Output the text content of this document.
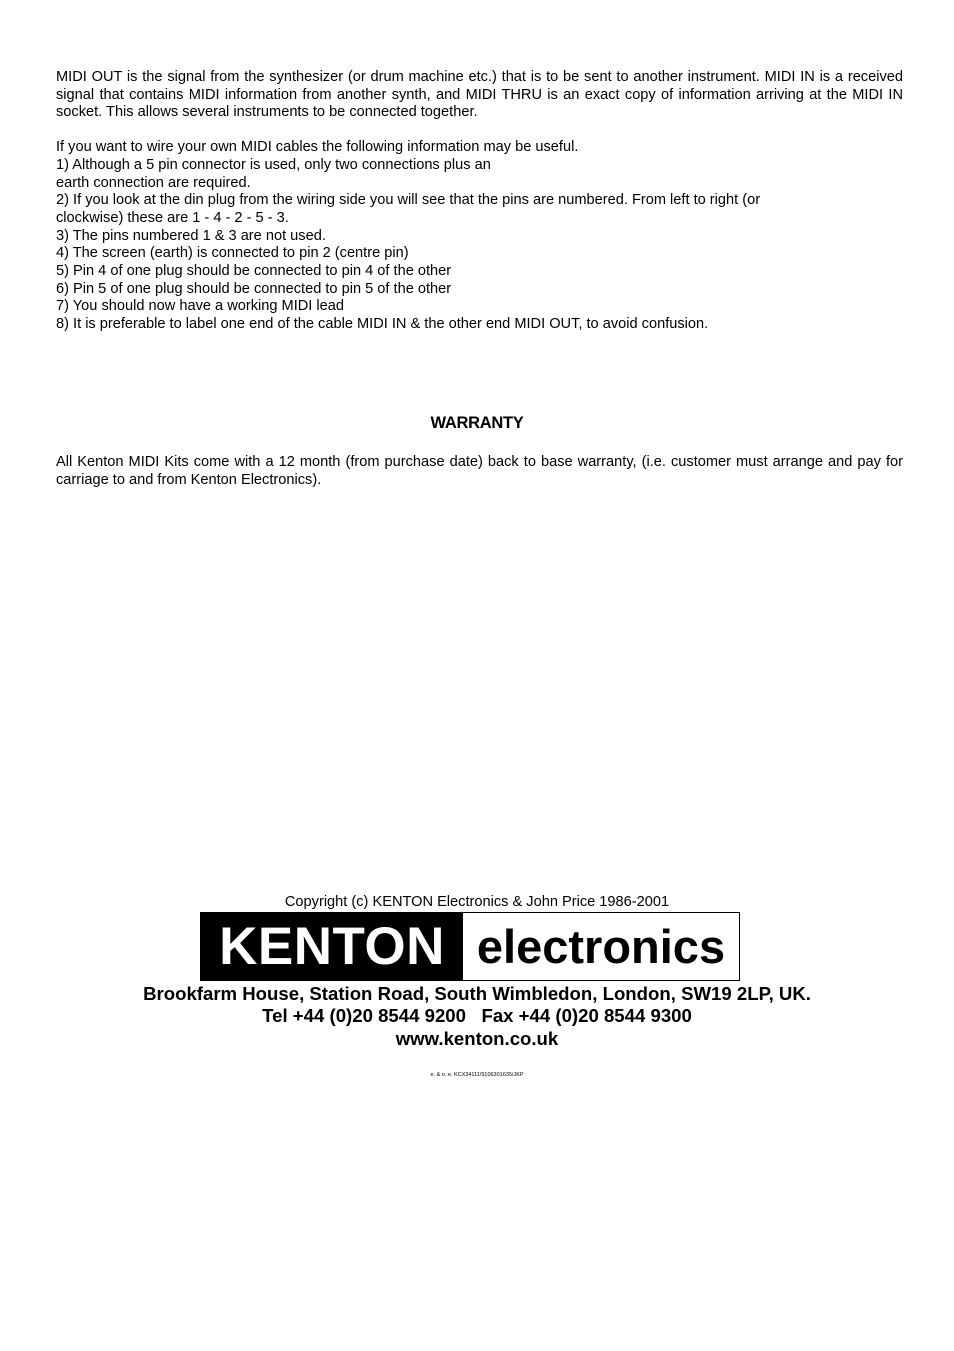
MIDI OUT is the signal from the synthesizer (or drum machine etc.) that is to be sent to another instrument. MIDI IN is a received signal that contains MIDI information from another synth, and MIDI THRU is an exact copy of information arriving at the MIDI IN socket. This allows several instruments to be connected together.

If you want to wire your own MIDI cables the following information may be useful.

1) Although a 5 pin connector is used, only two connections plus an

earth connection are required.

2) If you look at the din plug from the wiring side you will see that the pins are numbered. From left to right (or

clockwise) these are 1 - 4 - 2 - 5 - 3.

3) The pins numbered 1 & 3 are not used.

4) The screen (earth) is connected to pin 2 (centre pin)

5) Pin 4 of one plug should be connected to pin 4 of the other

6) Pin 5 of one plug should be connected to pin 5 of the other

7) You should now have a working MIDI lead

8) It is preferable to label one end of the cable MIDI IN & the other end MIDI OUT, to avoid confusion.

WARRANTY

All Kenton MIDI Kits come with a 12 month (from purchase date) back to base warranty, (i.e. customer must arrange and pay for carriage to and from Kenton Electronics).

Copyright (c) KENTON Electronics & John Price 1986-2001
KENTON electronics
Brookfarm House, Station Road, South Wimbledon, London, SW19 2LP, UK.
Tel +44 (0)20 8544 9200   Fax +44 (0)20 8544 9300
www.kenton.co.uk
e. & o. e. KCX34111/9106301635/JKP
